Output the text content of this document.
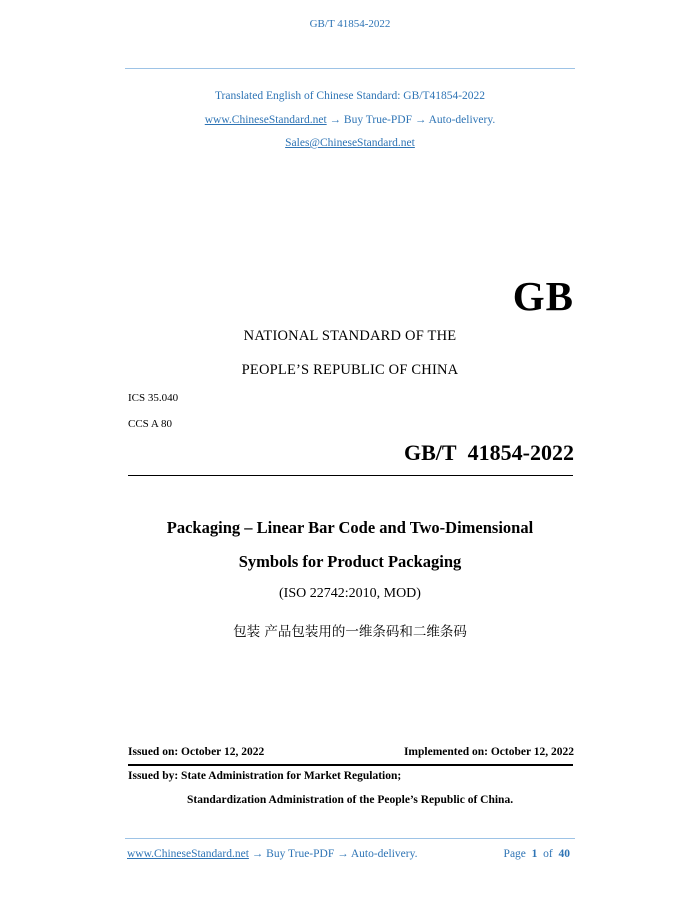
GB/T 41854-2022
Translated English of Chinese Standard: GB/T41854-2022
www.ChineseStandard.net → Buy True-PDF → Auto-delivery.
Sales@ChineseStandard.net
GB
NATIONAL STANDARD OF THE
PEOPLE’S REPUBLIC OF CHINA
ICS 35.040
CCS A 80
GB/T 41854-2022
Packaging – Linear Bar Code and Two-Dimensional
Symbols for Product Packaging
(ISO 22742:2010, MOD)
包装 产品包装用的一维条码和二维条码
Issued on: October 12, 2022	Implemented on: October 12, 2022
Issued by: State Administration for Market Regulation;
Standardization Administration of the People’s Republic of China.
www.ChineseStandard.net → Buy True-PDF → Auto-delivery.	Page 1 of 40
